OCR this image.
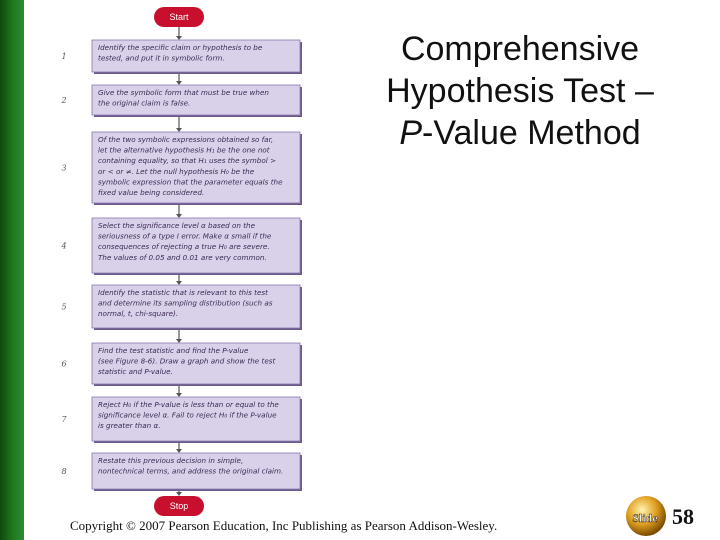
Start
Stop
1
Identify the specific claim or hypothesis to be
tested, and put it in symbolic form.
2
Give the symbolic form that must be true when
the original claim is false.
3
Of the two symbolic expressions obtained so far,
let the alternative hypothesis H₁ be the one not
containing equality, so that H₁ uses the symbol >
or < or ≠. Let the null hypothesis H₀ be the
symbolic expression that the parameter equals the
fixed value being considered.
4
Select the significance level α based on the
seriousness of a type I error. Make α small if the
consequences of rejecting a true H₀ are severe.
The values of 0.05 and 0.01 are very common.
5
Identify the statistic that is relevant to this test
and determine its sampling distribution (such as
normal, t, chi-square).
6
Find the test statistic and find the P-value
(see Figure 8-6). Draw a graph and show the test
statistic and P-value.
7
Reject H₀ if the P-value is less than or equal to the
significance level α. Fail to reject H₀ if the P-value
is greater than α.
8
Restate this previous decision in simple,
nontechnical terms, and address the original claim.
Comprehensive
Hypothesis Test –
P-Value Method
Copyright © 2007 Pearson Education, Inc Publishing as Pearson Addison-Wesley.	Slide 58
